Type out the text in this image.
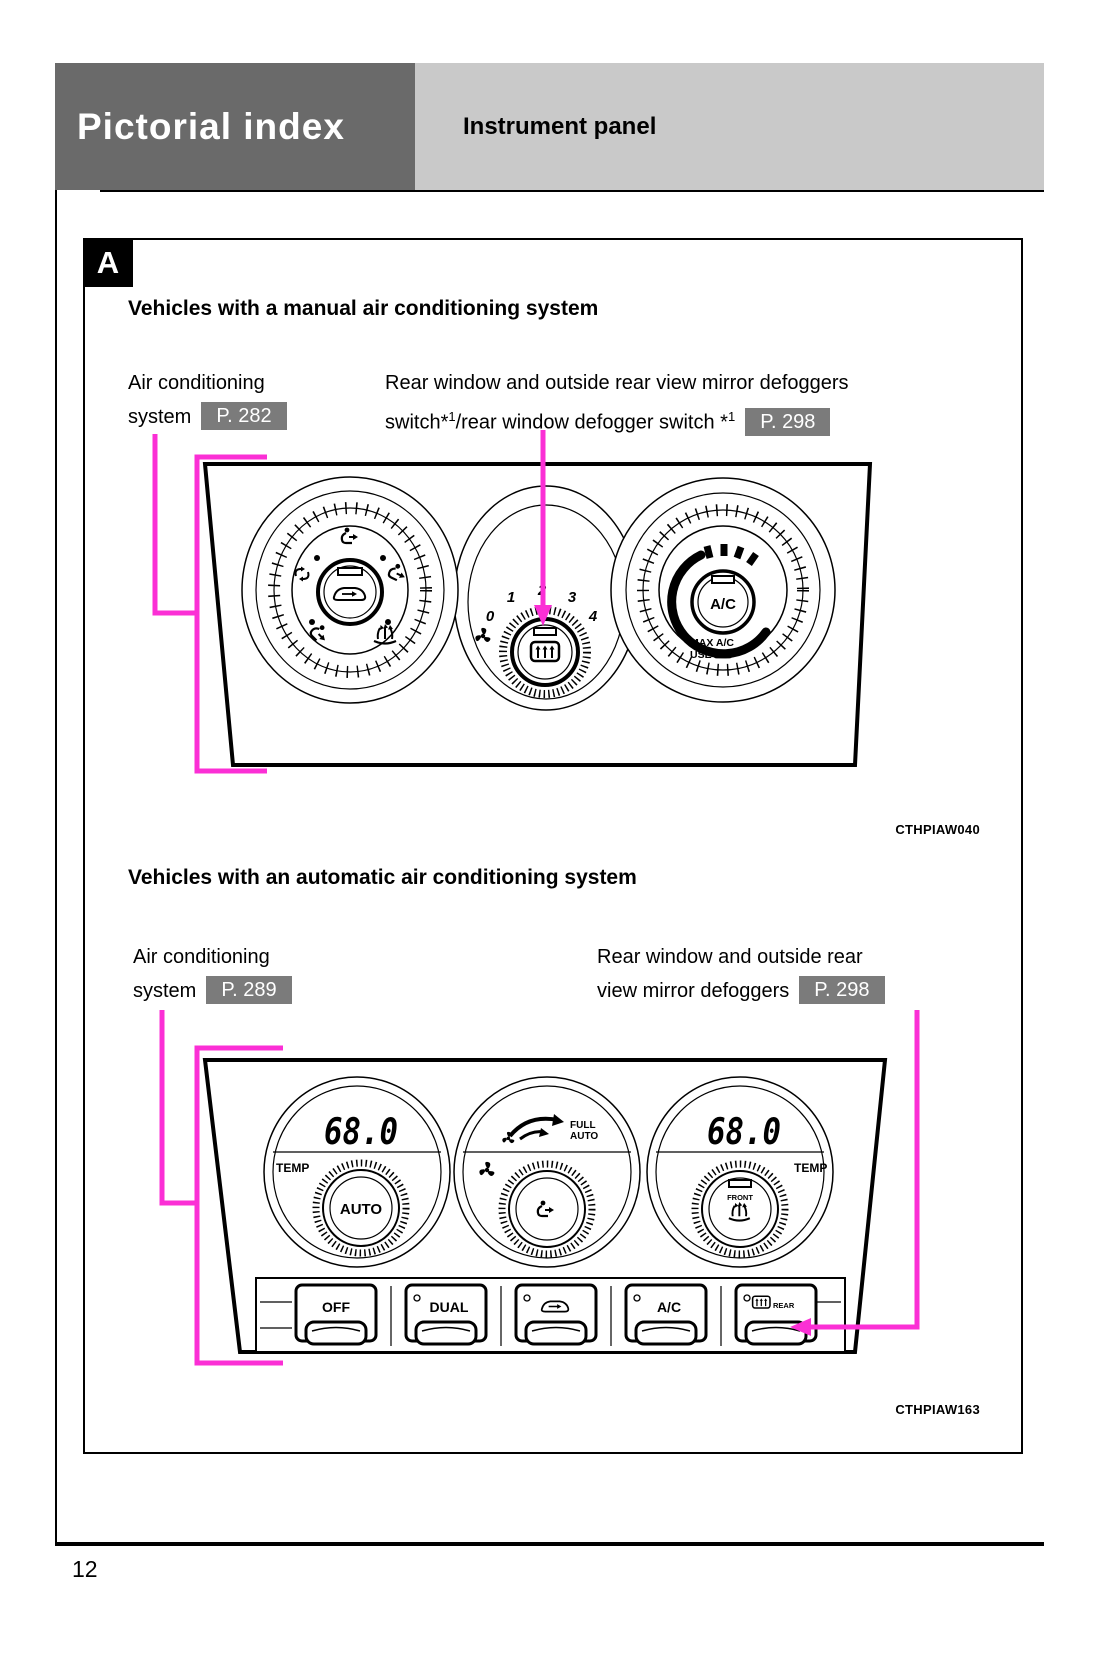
Pictorial index	Instrument panel
A
Vehicles with a manual air conditioning system
Air conditioning
system P. 282
Rear window and outside rear view mirror defoggers
switch*$^1$/rear window defogger switch *$^1$ P. 298
0
1 2 3
4
A/C
MAX A/C
USE
CTHPIAW040
Vehicles with an automatic air conditioning system
Air conditioning
system P. 289
Rear window and outside rear
view mirror defoggers P. 298
68.0
TEMP
AUTO
FULL
AUTO	68.0
TEMP
FRONT
OFF	DUAL	A/C	REAR
CTHPIAW163
12
